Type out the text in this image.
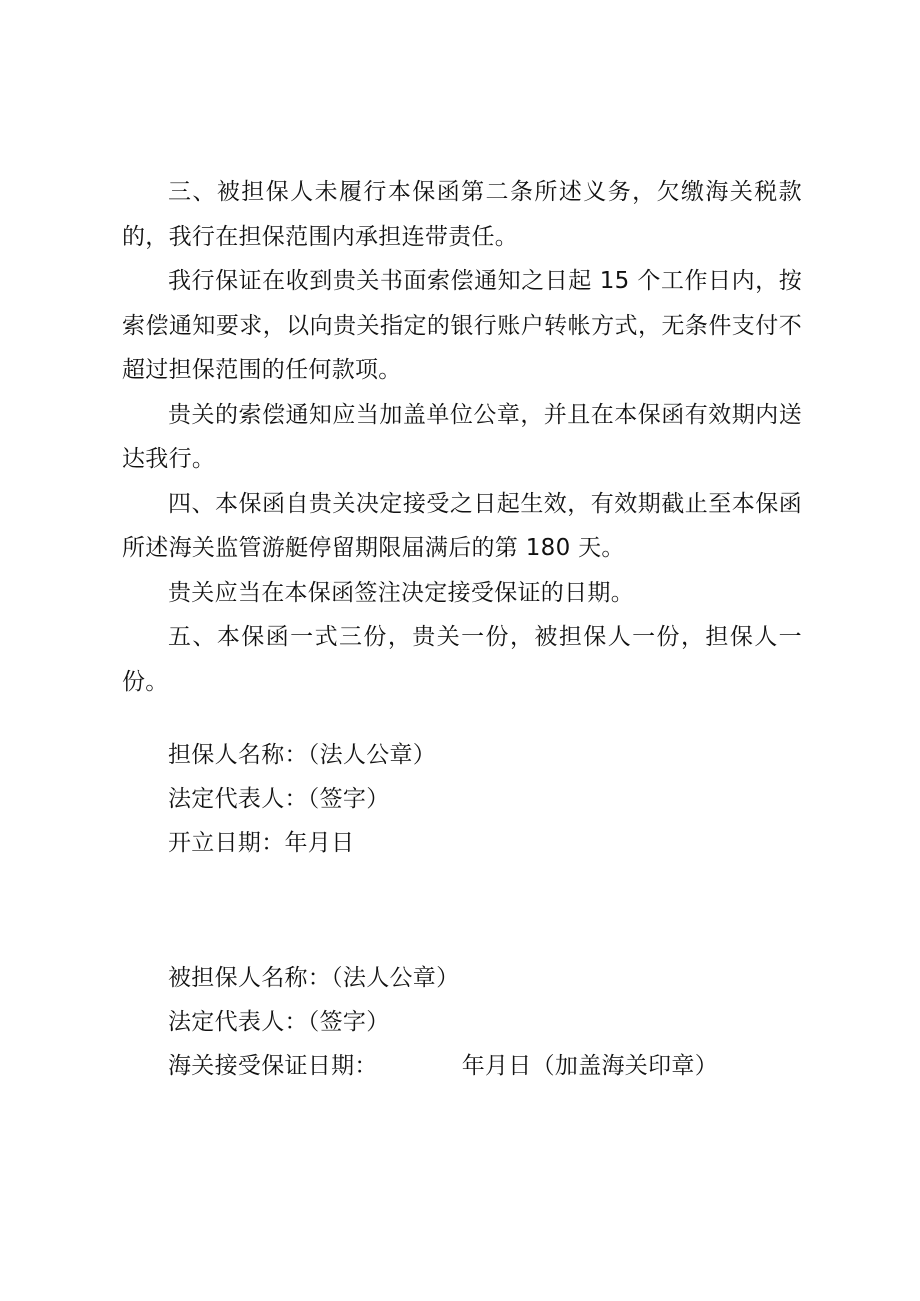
三、被担保人未履行本保函第二条所述义务，欠缴海关税款的，我行在担保范围内承担连带责任。

我行保证在收到贵关书面索偿通知之日起 15 个工作日内，按索偿通知要求，以向贵关指定的银行账户转帐方式，无条件支付不超过担保范围的任何款项。

贵关的索偿通知应当加盖单位公章，并且在本保函有效期内送达我行。

四、本保函自贵关决定接受之日起生效，有效期截止至本保函所述海关监管游艇停留期限届满后的第 180 天。

贵关应当在本保函签注决定接受保证的日期。

五、本保函一式三份，贵关一份，被担保人一份，担保人一份。

担保人名称：（法人公章）

法定代表人：（签字）

开立日期：年月日

被担保人名称：（法人公章）

法定代表人：（签字）

海关接受保证日期：	年月日（加盖海关印章）
